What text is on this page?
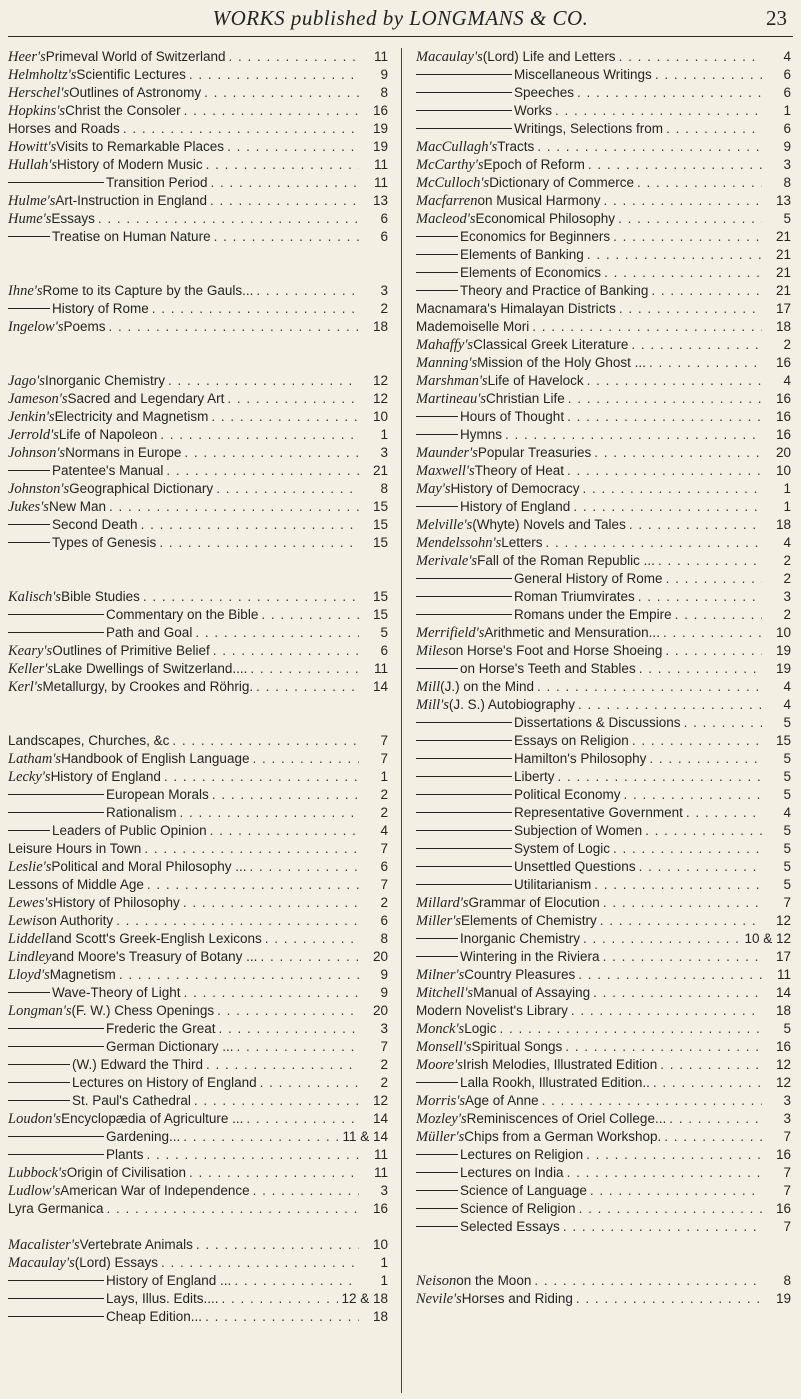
WORKS published by LONGMANS & CO.	23
Heer's Primeval World of Switzerland . . .	11
Helmholtz's Scientific Lectures . . .	9
Herschel's Outlines of Astronomy . . .	8
Hopkins's Christ the Consoler . . .	16
Horses and Roads . . .	19
Howitt's Visits to Remarkable Places . . .	19
Hullah's History of Modern Music . . .	11
Transition Period . . .	11
Hulme's Art-Instruction in England . . .	13
Hume's Essays . . .	6
Treatise on Human Nature . . .	6
Ihne's Rome to its Capture by the Gauls... . . .	3
History of Rome . . .	2
Ingelow's Poems . . .	18
Jago's Inorganic Chemistry . . .	12
Jameson's Sacred and Legendary Art . . .	12
Jenkin's Electricity and Magnetism . . .	10
Jerrold's Life of Napoleon . . .	1
Johnson's Normans in Europe . . .	3
Patentee's Manual . . .	21
Johnston's Geographical Dictionary . . .	8
Jukes's New Man . . .	15
Second Death . . .	15
Types of Genesis . . .	15
Kalisch's Bible Studies . . .	15
Commentary on the Bible . . .	15
Path and Goal . . .	5
Keary's Outlines of Primitive Belief . . .	6
Keller's Lake Dwellings of Switzerland.... . . .	11
Kerl's Metallurgy, by Crookes and Röhrig. . . .	14
Landscapes, Churches, &c . . .	7
Latham's Handbook of English Language . . .	7
Lecky's History of England . . .	1
European Morals . . .	2
Rationalism . . .	2
Leaders of Public Opinion . . .	4
Leisure Hours in Town . . .	7
Leslie's Political and Moral Philosophy ... . . .	6
Lessons of Middle Age . . .	7
Lewes's History of Philosophy . . .	2
Lewis on Authority . . .	6
Liddell and Scott's Greek-English Lexicons . . .	8
Lindley and Moore's Treasury of Botany ... . . .	20
Lloyd's Magnetism . . .	9
Wave-Theory of Light . . .	9
Longman's (F. W.) Chess Openings . . .	20
Frederic the Great . . .	3
German Dictionary ... . . .	7
(W.) Edward the Third . . .	2
Lectures on History of England . . .	2
St. Paul's Cathedral . . .	12
Loudon's Encyclopædia of Agriculture ... . . .	14
Gardening... . . .	11 & 14
Plants . . .	11
Lubbock's Origin of Civilisation . . .	11
Ludlow's American War of Independence . . .	3
Lyra Germanica . . .	16
Macalister's Vertebrate Animals . . .	10
Macaulay's (Lord) Essays . . .	1
History of England ... . . .	1
Lays, Illus. Edits.... . . .	12 & 18
Cheap Edition... . . .	18
Macaulay's (Lord) Life and Letters . . .	4
Miscellaneous Writings . . .	6
Speeches . . .	6
Works . . .	1
Writings, Selections from . . .	6
MacCullagh's Tracts . . .	9
McCarthy's Epoch of Reform . . .	3
McCulloch's Dictionary of Commerce . . .	8
Macfarren on Musical Harmony . . .	13
Macleod's Economical Philosophy . . .	5
Economics for Beginners . . .	21
Elements of Banking . . .	21
Elements of Economics . . .	21
Theory and Practice of Banking . . .	21
Macnamara's Himalayan Districts . . .	17
Mademoiselle Mori . . .	18
Mahaffy's Classical Greek Literature . . .	2
Manning's Mission of the Holy Ghost ... . . .	16
Marshman's Life of Havelock . . .	4
Martineau's Christian Life . . .	16
Hours of Thought . . .	16
Hymns . . .	16
Maunder's Popular Treasuries . . .	20
Maxwell's Theory of Heat . . .	10
May's History of Democracy . . .	1
History of England . . .	1
Melville's (Whyte) Novels and Tales . . .	18
Mendelssohn's Letters . . .	4
Merivale's Fall of the Roman Republic ... . . .	2
General History of Rome . . .	2
Roman Triumvirates . . .	3
Romans under the Empire . . .	2
Merrifield's Arithmetic and Mensuration... . . .	10
Miles on Horse's Foot and Horse Shoeing . . .	19
on Horse's Teeth and Stables . . .	19
Mill (J.) on the Mind . . .	4
Mill's (J. S.) Autobiography . . .	4
Dissertations & Discussions . . .	5
Essays on Religion . . .	15
Hamilton's Philosophy . . .	5
Liberty . . .	5
Political Economy . . .	5
Representative Government . . .	4
Subjection of Women . . .	5
System of Logic . . .	5
Unsettled Questions . . .	5
Utilitarianism . . .	5
Millard's Grammar of Elocution . . .	7
Miller's Elements of Chemistry . . .	12
Inorganic Chemistry . . .	10 & 12
Wintering in the Riviera . . .	17
Milner's Country Pleasures . . .	11
Mitchell's Manual of Assaying . . .	14
Modern Novelist's Library . . .	18
Monck's Logic . . .	5
Monsell's Spiritual Songs . . .	16
Moore's Irish Melodies, Illustrated Edition . . .	12
Lalla Rookh, Illustrated Edition.. . . .	12
Morris's Age of Anne . . .	3
Mozley's Reminiscences of Oriel College... . . .	3
Müller's Chips from a German Workshop. . . .	7
Lectures on Religion . . .	16
Lectures on India . . .	7
Science of Language . . .	7
Science of Religion . . .	16
Selected Essays . . .	7
Neison on the Moon . . .	8
Nevile's Horses and Riding . . .	19
